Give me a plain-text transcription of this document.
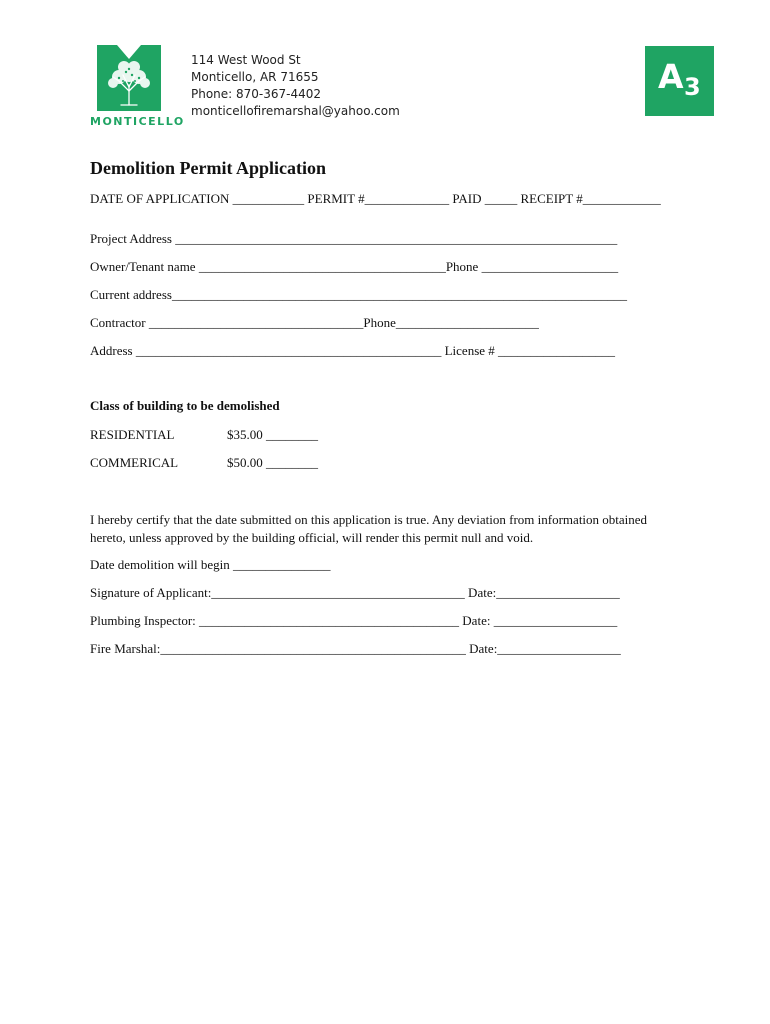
MONTICELLO
114 West Wood St
Monticello, AR 71655
Phone: 870-367-4402
monticellofiremarshal@yahoo.com
A 3
Demolition Permit Application
DATE OF APPLICATION ___________ PERMIT #_____________ PAID _____ RECEIPT #____________
Project Address ____________________________________________________________________
Owner/Tenant name ______________________________________Phone _____________________
Current address______________________________________________________________________
Contractor _________________________________Phone______________________
Address _______________________________________________ License # __________________
Class of building to be demolished
RESIDENTIAL	$35.00 ________
COMMERICAL	$50.00 ________
I hereby certify that the date submitted on this application is true. Any deviation from information obtained hereto, unless approved by the building official, will render this permit null and void.
Date demolition will begin _______________
Signature of Applicant:_______________________________________ Date:___________________
Plumbing Inspector: ________________________________________ Date: ___________________
Fire Marshal:_______________________________________________ Date:___________________
